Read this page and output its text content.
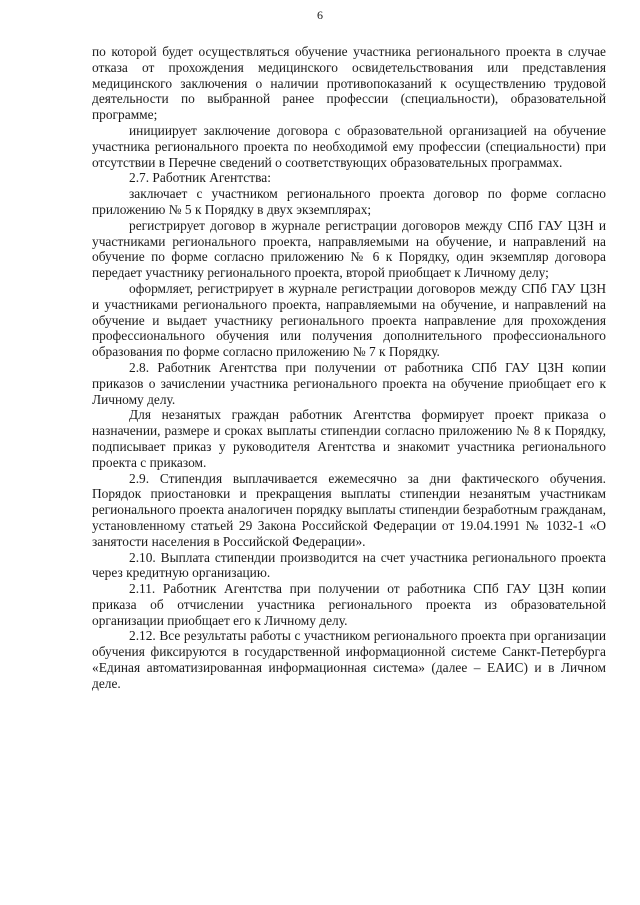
6

по которой будет осуществляться обучение участника регионального проекта в случае отказа от прохождения медицинского освидетельствования или представления медицинского заключения о наличии противопоказаний к осуществлению трудовой деятельности по выбранной ранее профессии (специальности), образовательной программе;

инициирует заключение договора с образовательной организацией на обучение участника регионального проекта по необходимой ему профессии (специальности) при отсутствии в Перечне сведений о соответствующих образовательных программах.

2.7. Работник Агентства:

заключает с участником регионального проекта договор по форме согласно приложению № 5 к Порядку в двух экземплярах;

регистрирует договор в журнале регистрации договоров между СПб ГАУ ЦЗН и участниками регионального проекта, направляемыми на обучение, и направлений на обучение по форме согласно приложению № 6 к Порядку, один экземпляр договора передает участнику регионального проекта, второй приобщает к Личному делу;

оформляет, регистрирует в журнале регистрации договоров между СПб ГАУ ЦЗН и участниками регионального проекта, направляемыми на обучение, и направлений на обучение и выдает участнику регионального проекта направление для прохождения профессионального обучения или получения дополнительного профессионального образования по форме согласно приложению № 7 к Порядку.

2.8. Работник Агентства при получении от работника СПб ГАУ ЦЗН копии приказов о зачислении участника регионального проекта на обучение приобщает его к Личному делу.

Для незанятых граждан работник Агентства формирует проект приказа о назначении, размере и сроках выплаты стипендии согласно приложению № 8 к Порядку, подписывает приказ у руководителя Агентства и знакомит участника регионального проекта с приказом.

2.9. Стипендия выплачивается ежемесячно за дни фактического обучения. Порядок приостановки и прекращения выплаты стипендии незанятым участникам регионального проекта аналогичен порядку выплаты стипендии безработным гражданам, установленному статьей 29 Закона Российской Федерации от 19.04.1991 № 1032-1 «О занятости населения в Российской Федерации».

2.10. Выплата стипендии производится на счет участника регионального проекта через кредитную организацию.

2.11. Работник Агентства при получении от работника СПб ГАУ ЦЗН копии приказа об отчислении участника регионального проекта из образовательной организации приобщает его к Личному делу.

2.12. Все результаты работы с участником регионального проекта при организации обучения фиксируются в государственной информационной системе Санкт-Петербурга «Единая автоматизированная информационная система» (далее – ЕАИС) и в Личном деле.
